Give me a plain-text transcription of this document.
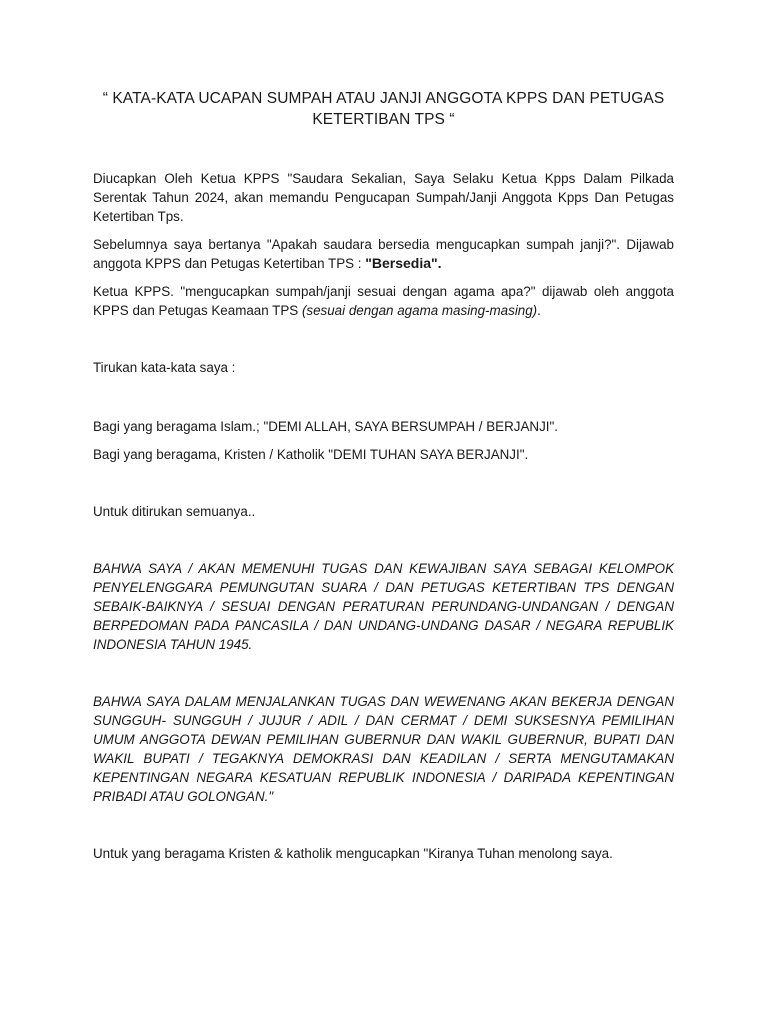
“ KATA-KATA UCAPAN SUMPAH ATAU JANJI ANGGOTA KPPS DAN PETUGAS KETERTIBAN TPS “

Diucapkan Oleh Ketua KPPS "Saudara Sekalian, Saya Selaku Ketua Kpps Dalam Pilkada Serentak Tahun 2024, akan memandu Pengucapan Sumpah/Janji Anggota Kpps Dan Petugas Ketertiban Tps.

Sebelumnya saya bertanya "Apakah saudara bersedia mengucapkan sumpah janji?". Dijawab anggota KPPS dan Petugas Ketertiban TPS : "Bersedia".

Ketua KPPS. "mengucapkan sumpah/janji sesuai dengan agama apa?" dijawab oleh anggota KPPS dan Petugas Keamaan TPS (sesuai dengan agama masing-masing).

Tirukan kata-kata saya :

Bagi yang beragama Islam.; "DEMI ALLAH, SAYA BERSUMPAH / BERJANJI".

Bagi yang beragama, Kristen / Katholik "DEMI TUHAN SAYA BERJANJI".

Untuk ditirukan semuanya..

BAHWA SAYA / AKAN MEMENUHI TUGAS DAN KEWAJIBAN SAYA SEBAGAI KELOMPOK PENYELENGGARA PEMUNGUTAN SUARA / DAN PETUGAS KETERTIBAN TPS DENGAN SEBAIK-BAIKNYA / SESUAI DENGAN PERATURAN PERUNDANG-UNDANGAN / DENGAN BERPEDOMAN PADA PANCASILA / DAN UNDANG-UNDANG DASAR / NEGARA REPUBLIK INDONESIA TAHUN 1945.

BAHWA SAYA DALAM MENJALANKAN TUGAS DAN WEWENANG AKAN BEKERJA DENGAN SUNGGUH- SUNGGUH / JUJUR / ADIL / DAN CERMAT / DEMI SUKSESNYA PEMILIHAN UMUM ANGGOTA DEWAN PEMILIHAN GUBERNUR DAN WAKIL GUBERNUR, BUPATI DAN WAKIL BUPATI / TEGAKNYA DEMOKRASI DAN KEADILAN / SERTA MENGUTAMAKAN KEPENTINGAN NEGARA KESATUAN REPUBLIK INDONESIA / DARIPADA KEPENTINGAN PRIBADI ATAU GOLONGAN."

Untuk yang beragama Kristen & katholik mengucapkan "Kiranya Tuhan menolong saya.
